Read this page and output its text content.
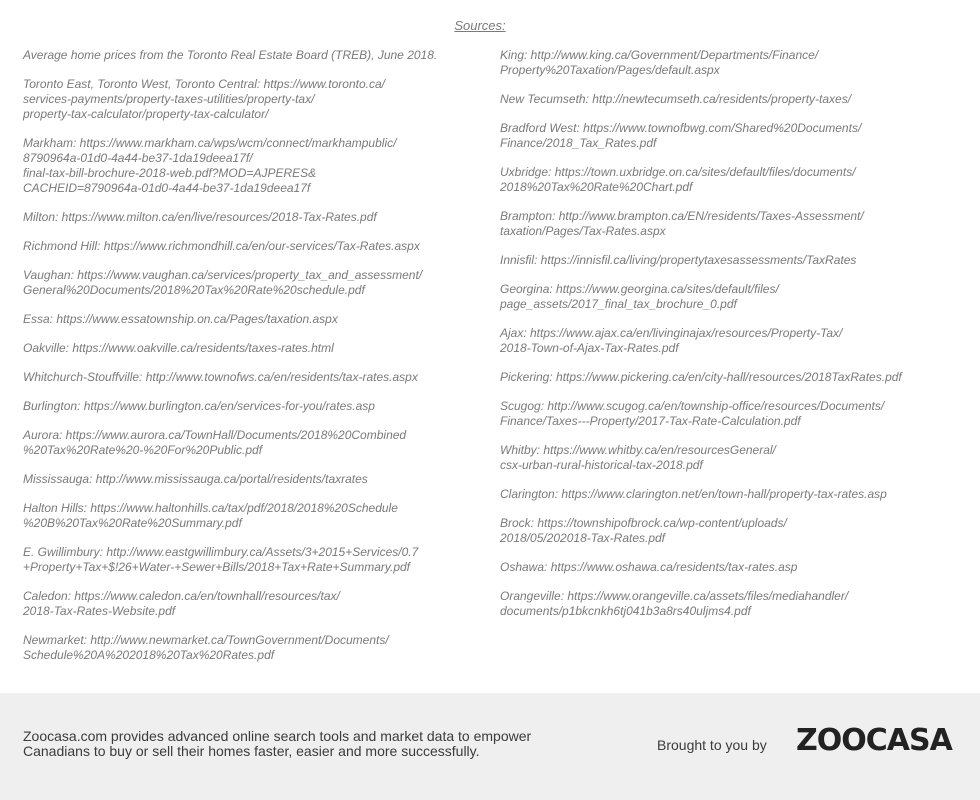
Sources:
Average home prices from the Toronto Real Estate Board (TREB), June 2018.
Toronto East, Toronto West, Toronto Central: https://www.toronto.ca/
services-payments/property-taxes-utilities/property-tax/
property-tax-calculator/property-tax-calculator/
Markham: https://www.markham.ca/wps/wcm/connect/markhampublic/
8790964a-01d0-4a44-be37-1da19deea17f/
final-tax-bill-brochure-2018-web.pdf?MOD=AJPERES&
CACHEID=8790964a-01d0-4a44-be37-1da19deea17f
Milton: https://www.milton.ca/en/live/resources/2018-Tax-Rates.pdf
Richmond Hill: https://www.richmondhill.ca/en/our-services/Tax-Rates.aspx
Vaughan: https://www.vaughan.ca/services/property_tax_and_assessment/
General%20Documents/2018%20Tax%20Rate%20schedule.pdf
Essa: https://www.essatownship.on.ca/Pages/taxation.aspx
Oakville: https://www.oakville.ca/residents/taxes-rates.html
Whitchurch-Stouffville: http://www.townofws.ca/en/residents/tax-rates.aspx
Burlington: https://www.burlington.ca/en/services-for-you/rates.asp
Aurora: https://www.aurora.ca/TownHall/Documents/2018%20Combined
%20Tax%20Rate%20-%20For%20Public.pdf
Mississauga: http://www.mississauga.ca/portal/residents/taxrates
Halton Hills: https://www.haltonhills.ca/tax/pdf/2018/2018%20Schedule
%20B%20Tax%20Rate%20Summary.pdf
E. Gwillimbury: http://www.eastgwillimbury.ca/Assets/3+2015+Services/0.7
+Property+Tax+$!26+Water-+Sewer+Bills/2018+Tax+Rate+Summary.pdf
Caledon: https://www.caledon.ca/en/townhall/resources/tax/
2018-Tax-Rates-Website.pdf
Newmarket: http://www.newmarket.ca/TownGovernment/Documents/
Schedule%20A%202018%20Tax%20Rates.pdf
King: http://www.king.ca/Government/Departments/Finance/
Property%20Taxation/Pages/default.aspx
New Tecumseth: http://newtecumseth.ca/residents/property-taxes/
Bradford West: https://www.townofbwg.com/Shared%20Documents/
Finance/2018_Tax_Rates.pdf
Uxbridge: https://town.uxbridge.on.ca/sites/default/files/documents/
2018%20Tax%20Rate%20Chart.pdf
Brampton: http://www.brampton.ca/EN/residents/Taxes-Assessment/
taxation/Pages/Tax-Rates.aspx
Innisfil: https://innisfil.ca/living/propertytaxesassessments/TaxRates
Georgina: https://www.georgina.ca/sites/default/files/
page_assets/2017_final_tax_brochure_0.pdf
Ajax: https://www.ajax.ca/en/livinginajax/resources/Property-Tax/
2018-Town-of-Ajax-Tax-Rates.pdf
Pickering: https://www.pickering.ca/en/city-hall/resources/2018TaxRates.pdf
Scugog: http://www.scugog.ca/en/township-office/resources/Documents/
Finance/Taxes---Property/2017-Tax-Rate-Calculation.pdf
Whitby: https://www.whitby.ca/en/resourcesGeneral/
csx-urban-rural-historical-tax-2018.pdf
Clarington: https://www.clarington.net/en/town-hall/property-tax-rates.asp
Brock: https://townshipofbrock.ca/wp-content/uploads/
2018/05/202018-Tax-Rates.pdf
Oshawa: https://www.oshawa.ca/residents/tax-rates.asp
Orangeville: https://www.orangeville.ca/assets/files/mediahandler/
documents/p1bkcnkh6tj041b3a8rs40uljms4.pdf
Zoocasa.com provides advanced online search tools and market data to empower
Canadians to buy or sell their homes faster, easier and more successfully.	Brought to you by ZOOCASA
